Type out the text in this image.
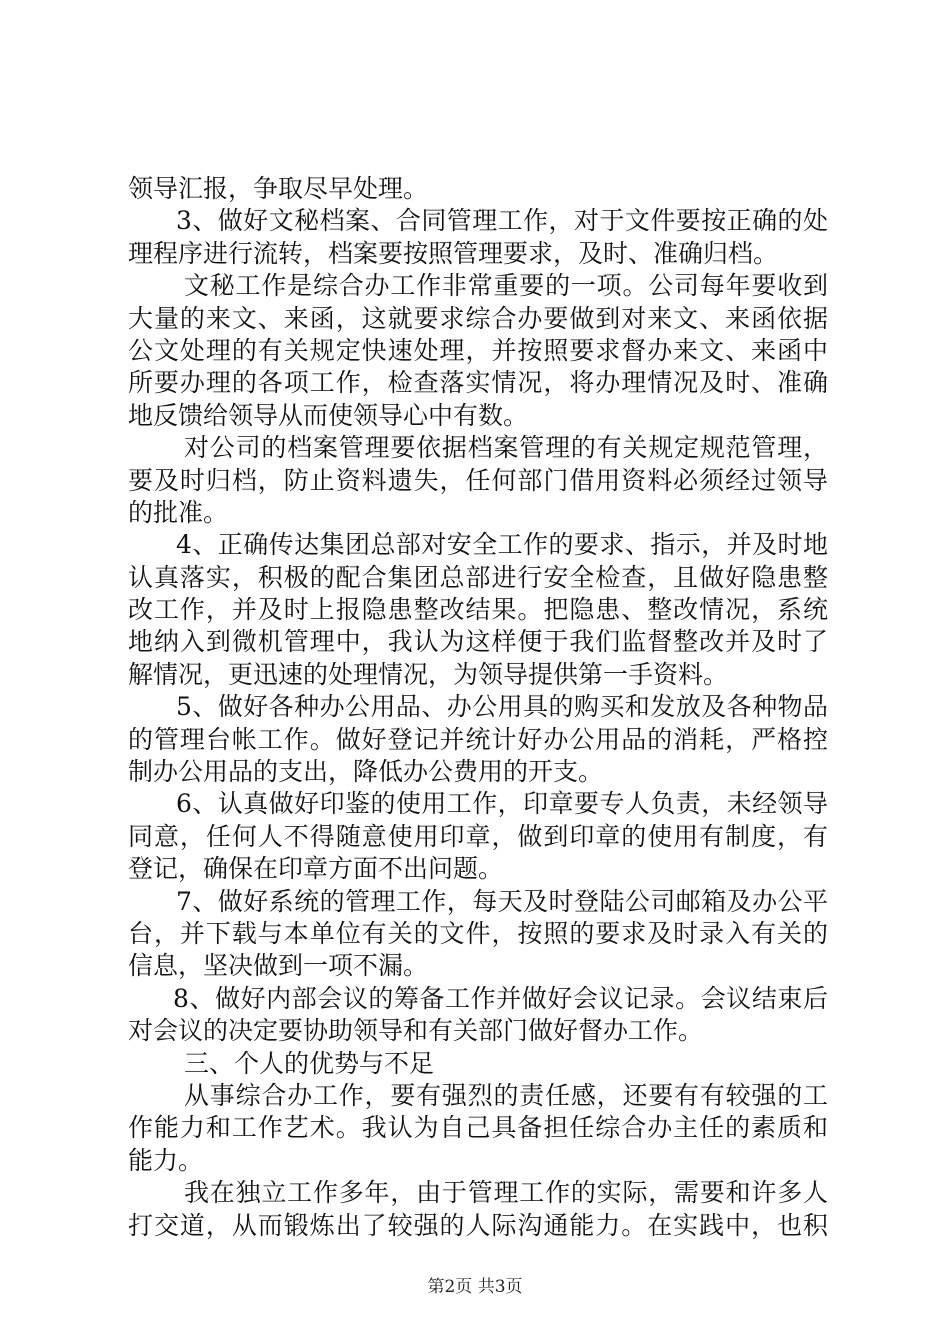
领导汇报，争取尽早处理。
3、做好文秘档案、合同管理工作，对于文件要按正确的处
理程序进行流转，档案要按照管理要求，及时、准确归档。
文秘工作是综合办工作非常重要的一项。公司每年要收到
大量的来文、来函，这就要求综合办要做到对来文、来函依据
公文处理的有关规定快速处理，并按照要求督办来文、来函中
所要办理的各项工作，检查落实情况，将办理情况及时、准确
地反馈给领导从而使领导心中有数。
对公司的档案管理要依据档案管理的有关规定规范管理，
要及时归档，防止资料遗失，任何部门借用资料必须经过领导
的批准。
4、正确传达集团总部对安全工作的要求、指示，并及时地
认真落实，积极的配合集团总部进行安全检查，且做好隐患整
改工作，并及时上报隐患整改结果。把隐患、整改情况，系统
地纳入到微机管理中，我认为这样便于我们监督整改并及时了
解情况，更迅速的处理情况，为领导提供第一手资料。
5、做好各种办公用品、办公用具的购买和发放及各种物品
的管理台帐工作。做好登记并统计好办公用品的消耗，严格控
制办公用品的支出，降低办公费用的开支。
6、认真做好印鉴的使用工作，印章要专人负责，未经领导
同意，任何人不得随意使用印章，做到印章的使用有制度，有
登记，确保在印章方面不出问题。
7、做好系统的管理工作，每天及时登陆公司邮箱及办公平
台，并下载与本单位有关的文件，按照的要求及时录入有关的
信息，坚决做到一项不漏。
8、做好内部会议的筹备工作并做好会议记录。会议结束后
对会议的决定要协助领导和有关部门做好督办工作。
三、个人的优势与不足
从事综合办工作，要有强烈的责任感，还要有有较强的工
作能力和工作艺术。我认为自己具备担任综合办主任的素质和
能力。
我在独立工作多年，由于管理工作的实际，需要和许多人
打交道，从而锻炼出了较强的人际沟通能力。在实践中，也积
第2页 共3页
